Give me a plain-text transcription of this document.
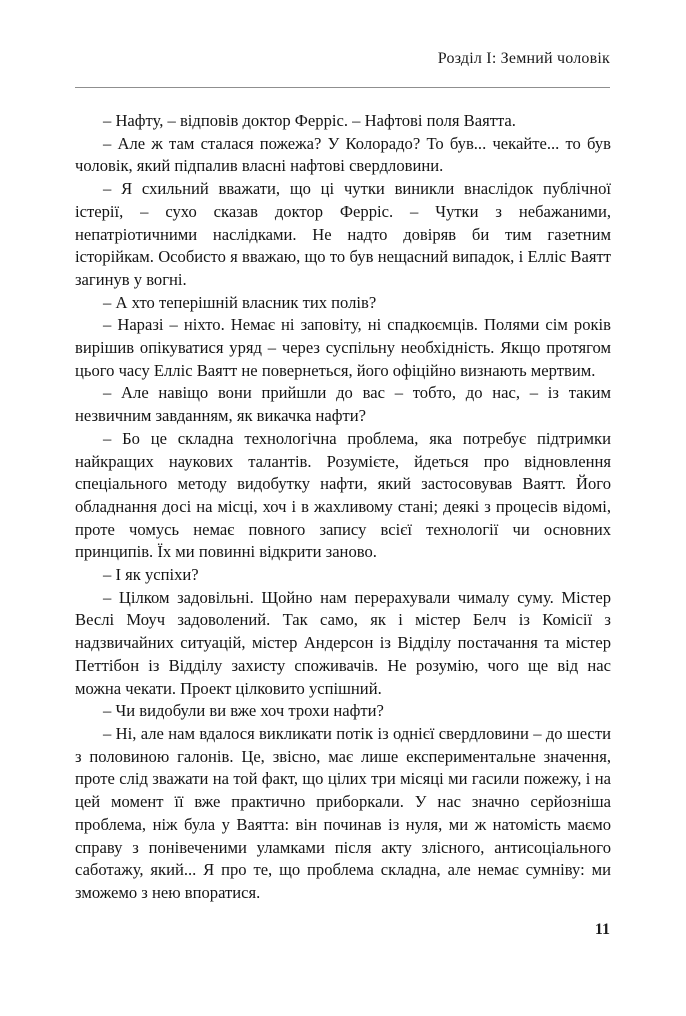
Розділ I: Земний чоловік

– Нафту, – відповів доктор Ферріс. – Нафтові поля Ваятта.

– Але ж там сталася пожежа? У Колорадо? То був... чекайте... то був чоловік, який підпалив власні нафтові свердловини.

– Я схильний вважати, що ці чутки виникли внаслідок публічної істерії, – сухо сказав доктор Ферріс. – Чутки з небажаними, непатріотичними наслідками. Не надто довіряв би тим газетним історійкам. Особисто я вважаю, що то був нещасний випадок, і Елліс Ваятт загинув у вогні.

– А хто теперішній власник тих полів?

– Наразі – ніхто. Немає ні заповіту, ні спадкоємців. Полями сім років вирішив опікуватися уряд – через суспільну необхідність. Якщо протягом цього часу Елліс Ваятт не повернеться, його офіційно визнають мертвим.

– Але навіщо вони прийшли до вас – тобто, до нас, – із таким незвичним завданням, як викачка нафти?

– Бо це складна технологічна проблема, яка потребує підтримки найкращих наукових талантів. Розумієте, йдеться про відновлення спеціального методу видобутку нафти, який застосовував Ваятт. Його обладнання досі на місці, хоч і в жахливому стані; деякі з процесів відомі, проте чомусь немає повного запису всієї технології чи основних принципів. Їх ми повинні відкрити заново.

– І як успіхи?

– Цілком задовільні. Щойно нам перерахували чималу суму. Містер Веслі Моуч задоволений. Так само, як і містер Белч із Комісії з надзвичайних ситуацій, містер Андерсон із Відділу постачання та містер Петтібон із Відділу захисту споживачів. Не розумію, чого ще від нас можна чекати. Проект цілковито успішний.

– Чи видобули ви вже хоч трохи нафти?

– Ні, але нам вдалося викликати потік із однієї свердловини – до шести з половиною галонів. Це, звісно, має лише експериментальне значення, проте слід зважати на той факт, що цілих три місяці ми гасили пожежу, і на цей момент її вже практично приборкали. У нас значно серйозніша проблема, ніж була у Ваятта: він починав із нуля, ми ж натомість маємо справу з понівеченими уламками після акту злісного, антисоціального саботажу, який... Я про те, що проблема складна, але немає сумніву: ми зможемо з нею впоратися.

11
